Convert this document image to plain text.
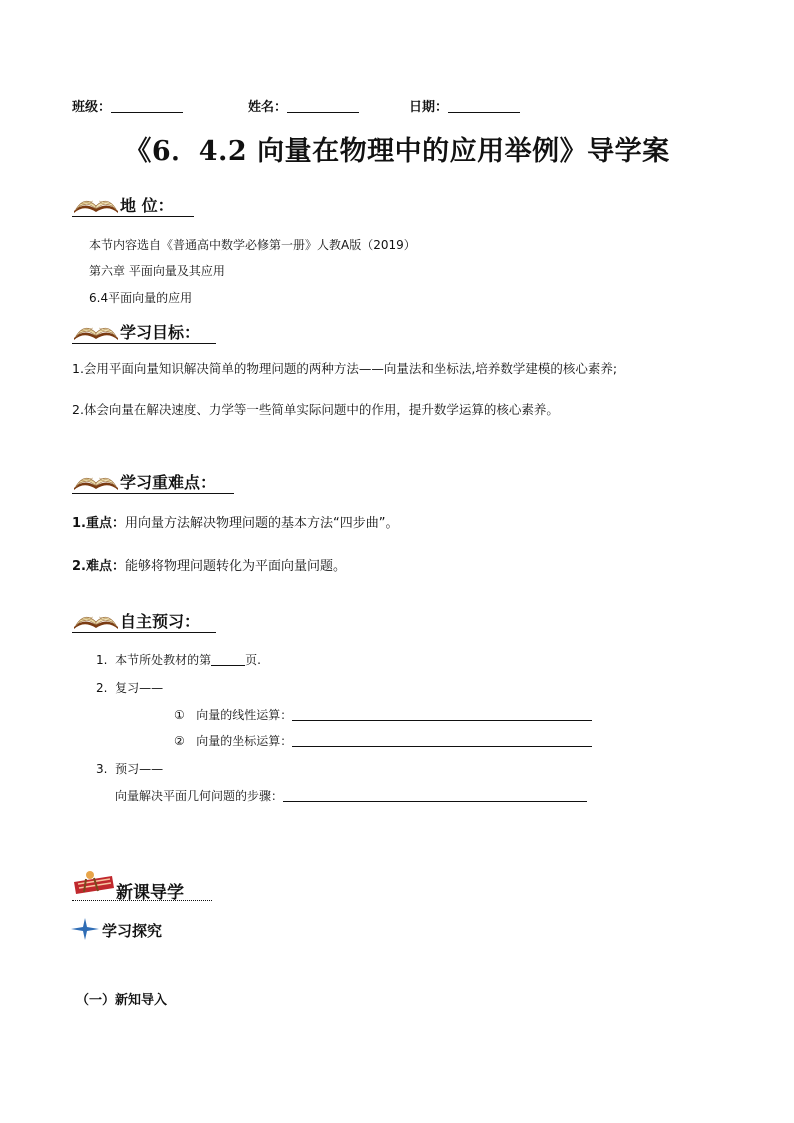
班级：	姓名：	日期：
《6．4.2 向量在物理中的应用举例》导学案
地 位：
本节内容选自《普通高中数学必修第一册》人教A版（2019）
第六章 平面向量及其应用
6.4平面向量的应用
学习目标：
1.会用平面向量知识解决简单的物理问题的两种方法——向量法和坐标法,培养数学建模的核心素养;
2.体会向量在解决速度、力学等一些简单实际问题中的作用，提升数学运算的核心素养。
学习重难点：
1.重点：用向量方法解决物理问题的基本方法“四步曲”。
2.难点：能够将物理问题转化为平面向量问题。
自主预习：
1. 本节所处教材的第	页.
2. 复习——
① 向量的线性运算：
② 向量的坐标运算：
3. 预习——
向量解决平面几何问题的步骤：
新课导学
学习探究
（一）新知导入
